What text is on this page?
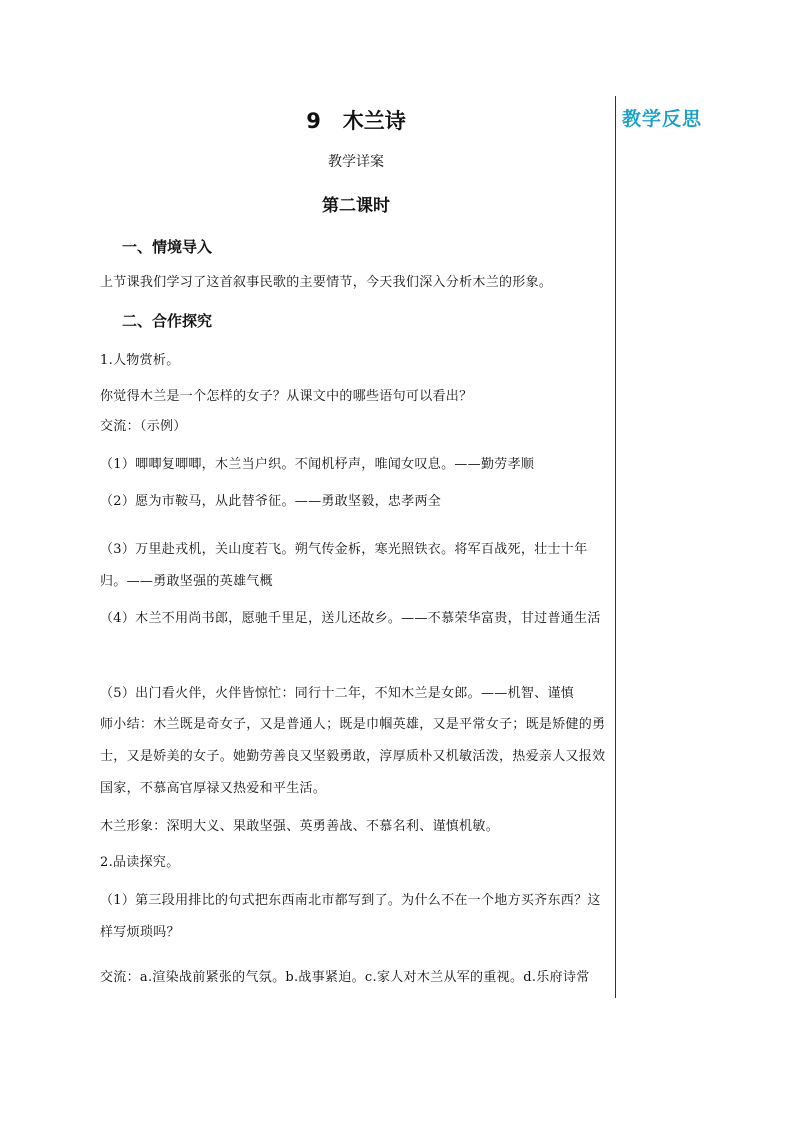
教学反思
9   木兰诗
教学详案
第二课时
一、情境导入
上节课我们学习了这首叙事民歌的主要情节，今天我们深入分析木兰的形象。
二、合作探究
1.人物赏析。
你觉得木兰是一个怎样的女子？从课文中的哪些语句可以看出？
交流：（示例）
（1）唧唧复唧唧，木兰当户织。不闻机杼声，唯闻女叹息。——勤劳孝顺
（2）愿为市鞍马，从此替爷征。——勇敢坚毅，忠孝两全
（3）万里赴戎机，关山度若飞。朔气传金柝，寒光照铁衣。将军百战死，壮士十年归。——勇敢坚强的英雄气概
（4）木兰不用尚书郎，愿驰千里足，送儿还故乡。——不慕荣华富贵，甘过普通生活
（5）出门看火伴，火伴皆惊忙：同行十二年，不知木兰是女郎。——机智、谨慎
师小结：木兰既是奇女子，又是普通人；既是巾帼英雄，又是平常女子；既是矫健的勇士，又是娇美的女子。她勤劳善良又坚毅勇敢，淳厚质朴又机敏活泼，热爱亲人又报效国家，不慕高官厚禄又热爱和平生活。
木兰形象：深明大义、果敢坚强、英勇善战、不慕名利、谨慎机敏。
2.品读探究。
（1）第三段用排比的句式把东西南北市都写到了。为什么不在一个地方买齐东西？这样写烦琐吗？
交流：a.渲染战前紧张的气氛。b.战事紧迫。c.家人对木兰从军的重视。d.乐府诗常
